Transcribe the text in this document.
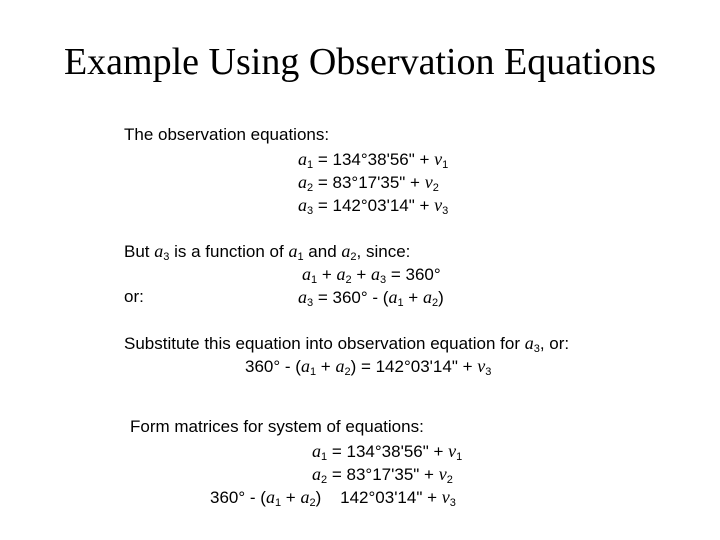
Example Using Observation Equations
The observation equations:
$a_1 = 134^\circ 38'56$" + $v_1$
$a_2 = 83^\circ 17'35$" + $v_2$
$a_3 = 142^\circ 03'14$" + $v_3$
But $a_3$ is a function of $a_1$ and $a_2$, since:
$a_1 + a_2 + a_3 = 360^\circ$
or:	$a_3 = 360^\circ - (a_1 + a_2)$
Substitute this equation into observation equation for $a_3$, or:
$360^\circ - (a_1 + a_2) = 142^\circ 03'14$" + $v_3$
Form matrices for system of equations:
$a_1 = 134^\circ 38'56$" + $v_1$
$a_2 = 83^\circ 17'35$" + $v_2$
$360^\circ - (a_1 + a_2)$    142°03'14" + $v_3$
